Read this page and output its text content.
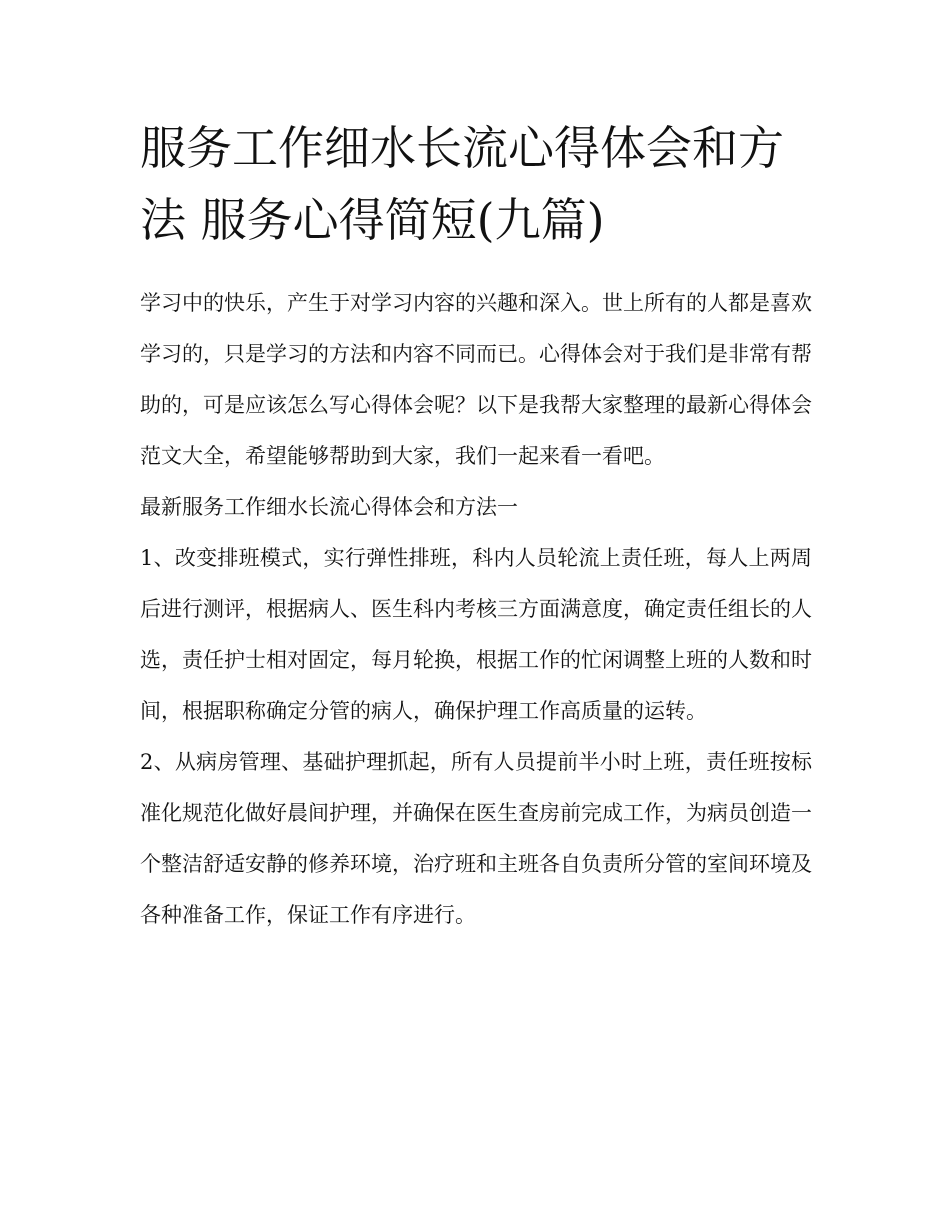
服务工作细水长流心得体会和方法 服务心得简短(九篇)

学习中的快乐，产生于对学习内容的兴趣和深入。世上所有的人都是喜欢学习的，只是学习的方法和内容不同而已。心得体会对于我们是非常有帮助的，可是应该怎么写心得体会呢？以下是我帮大家整理的最新心得体会范文大全，希望能够帮助到大家，我们一起来看一看吧。

最新服务工作细水长流心得体会和方法一

1、改变排班模式，实行弹性排班，科内人员轮流上责任班，每人上两周后进行测评，根据病人、医生科内考核三方面满意度，确定责任组长的人选，责任护士相对固定，每月轮换，根据工作的忙闲调整上班的人数和时间，根据职称确定分管的病人，确保护理工作高质量的运转。

2、从病房管理、基础护理抓起，所有人员提前半小时上班，责任班按标准化规范化做好晨间护理，并确保在医生查房前完成工作，为病员创造一个整洁舒适安静的修养环境，治疗班和主班各自负责所分管的室间环境及各种准备工作，保证工作有序进行。
